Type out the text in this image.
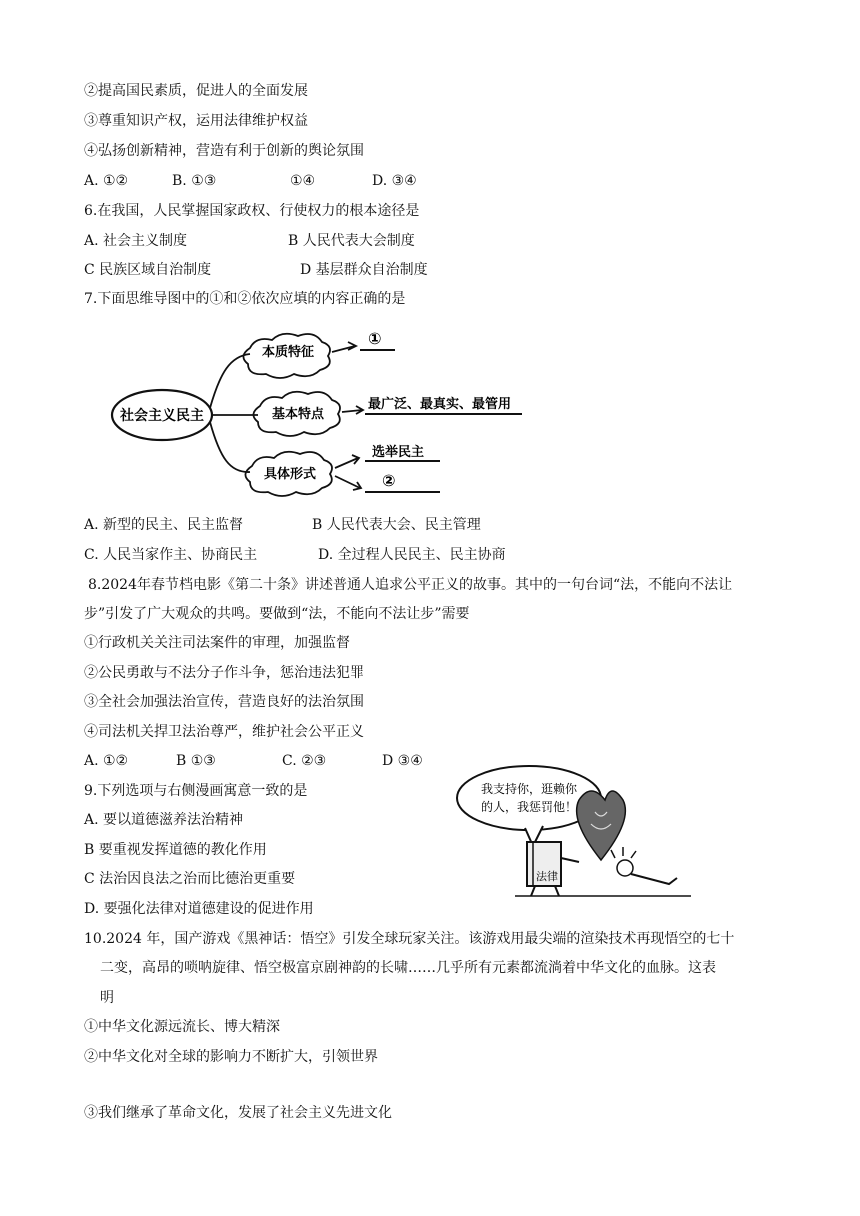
②提高国民素质，促进人的全面发展
③尊重知识产权，运用法律维护权益
④弘扬创新精神，营造有利于创新的舆论氛围
A. ①②	B. ①③	①④	D. ③④
6.在我国，人民掌握国家政权、行使权力的根本途径是
A. 社会主义制度	B 人民代表大会制度
C 民族区域自治制度	D 基层群众自治制度
7.下面思维导图中的①和②依次应填的内容正确的是
社会主义民主
本质特征
①
基本特点
最广泛、最真实、最管用
具体形式
选举民主
②
A. 新型的民主、民主监督	B 人民代表大会、民主管理
C. 人民当家作主、协商民主	D. 全过程人民民主、民主协商
8.2024年春节档电影《第二十条》讲述普通人追求公平正义的故事。其中的一句台词“法，不能向不法让
步”引发了广大观众的共鸣。要做到“法，不能向不法让步”需要
①行政机关关注司法案件的审理，加强监督
②公民勇敢与不法分子作斗争，惩治违法犯罪
③全社会加强法治宣传，营造良好的法治氛围
④司法机关捍卫法治尊严，维护社会公平正义
A. ①②	B ①③	C. ②③	D ③④
9.下列选项与右侧漫画寓意一致的是
A. 要以道德滋养法治精神
B 要重视发挥道德的教化作用
C 法治因良法之治而比德治更重要
D. 要强化法律对道德建设的促进作用
我支持你，逛赖你
的人，我惩罚他！
法律
10.2024 年，国产游戏《黑神话：悟空》引发全球玩家关注。该游戏用最尖端的渲染技术再现悟空的七十
二变，高昂的唢呐旋律、悟空极富京剧神韵的长啸……几乎所有元素都流淌着中华文化的血脉。这表
明
①中华文化源远流长、博大精深
②中华文化对全球的影响力不断扩大，引领世界
③我们继承了革命文化，发展了社会主义先进文化
